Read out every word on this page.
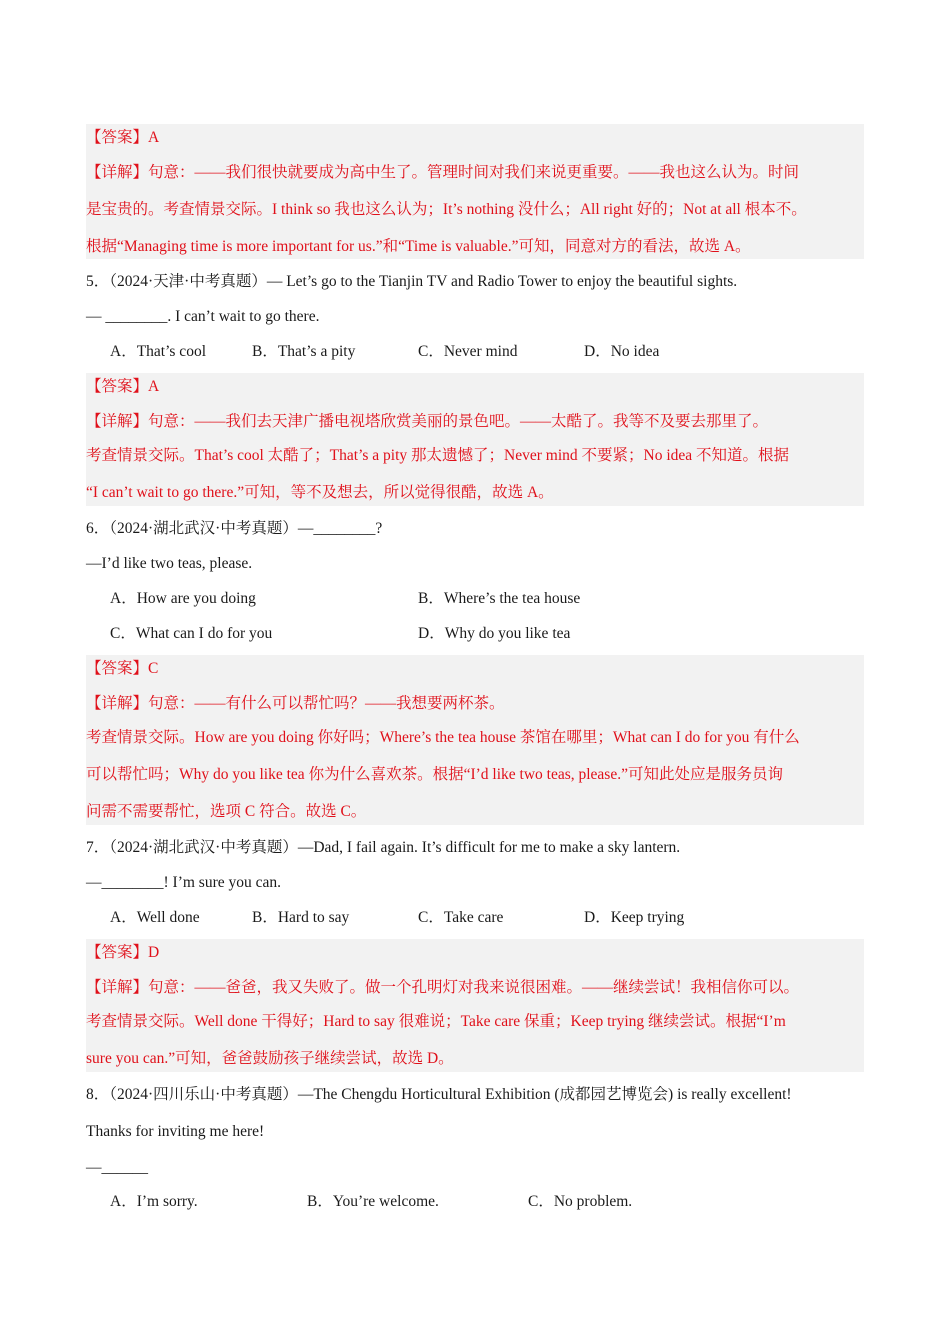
【答案】A
【详解】句意：——我们很快就要成为高中生了。管理时间对我们来说更重要。——我也这么认为。时间
是宝贵的。考查情景交际。I think so 我也这么认为；It’s nothing 没什么；All right 好的；Not at all 根本不。
根据“Managing time is more important for us.”和“Time is valuable.”可知，同意对方的看法，故选 A。
5．（2024·天津·中考真题）— Let’s go to the Tianjin TV and Radio Tower to enjoy the beautiful sights.
— ________. I can’t wait to go there.
A．That’s cool	B．That’s a pity	C．Never mind	D．No idea
【答案】A
【详解】句意：——我们去天津广播电视塔欣赏美丽的景色吧。——太酷了。我等不及要去那里了。
考查情景交际。That’s cool 太酷了；That’s a pity 那太遗憾了；Never mind 不要紧；No idea 不知道。根据
“I can’t wait to go there.”可知，等不及想去，所以觉得很酷，故选 A。
6．（2024·湖北武汉·中考真题）—________?
—I’d like two teas, please.
A．How are you doing	B．Where’s the tea house
C．What can I do for you	D．Why do you like tea
【答案】C
【详解】句意：——有什么可以帮忙吗？——我想要两杯茶。
考查情景交际。How are you doing 你好吗；Where’s the tea house 茶馆在哪里；What can I do for you 有什么
可以帮忙吗；Why do you like tea 你为什么喜欢茶。根据“I’d like two teas, please.”可知此处应是服务员询
问需不需要帮忙，选项 C 符合。故选 C。
7．（2024·湖北武汉·中考真题）—Dad, I fail again. It’s difficult for me to make a sky lantern.
—________! I’m sure you can.
A．Well done	B．Hard to say	C．Take care	D．Keep trying
【答案】D
【详解】句意：——爸爸，我又失败了。做一个孔明灯对我来说很困难。——继续尝试！我相信你可以。
考查情景交际。Well done 干得好；Hard to say 很难说；Take care 保重；Keep trying 继续尝试。根据“I’m
sure you can.”可知，爸爸鼓励孩子继续尝试，故选 D。
8．（2024·四川乐山·中考真题）—The Chengdu Horticultural Exhibition (成都园艺博览会) is really excellent!
Thanks for inviting me here!
—______
A．I’m sorry.	B．You’re welcome.	C．No problem.
